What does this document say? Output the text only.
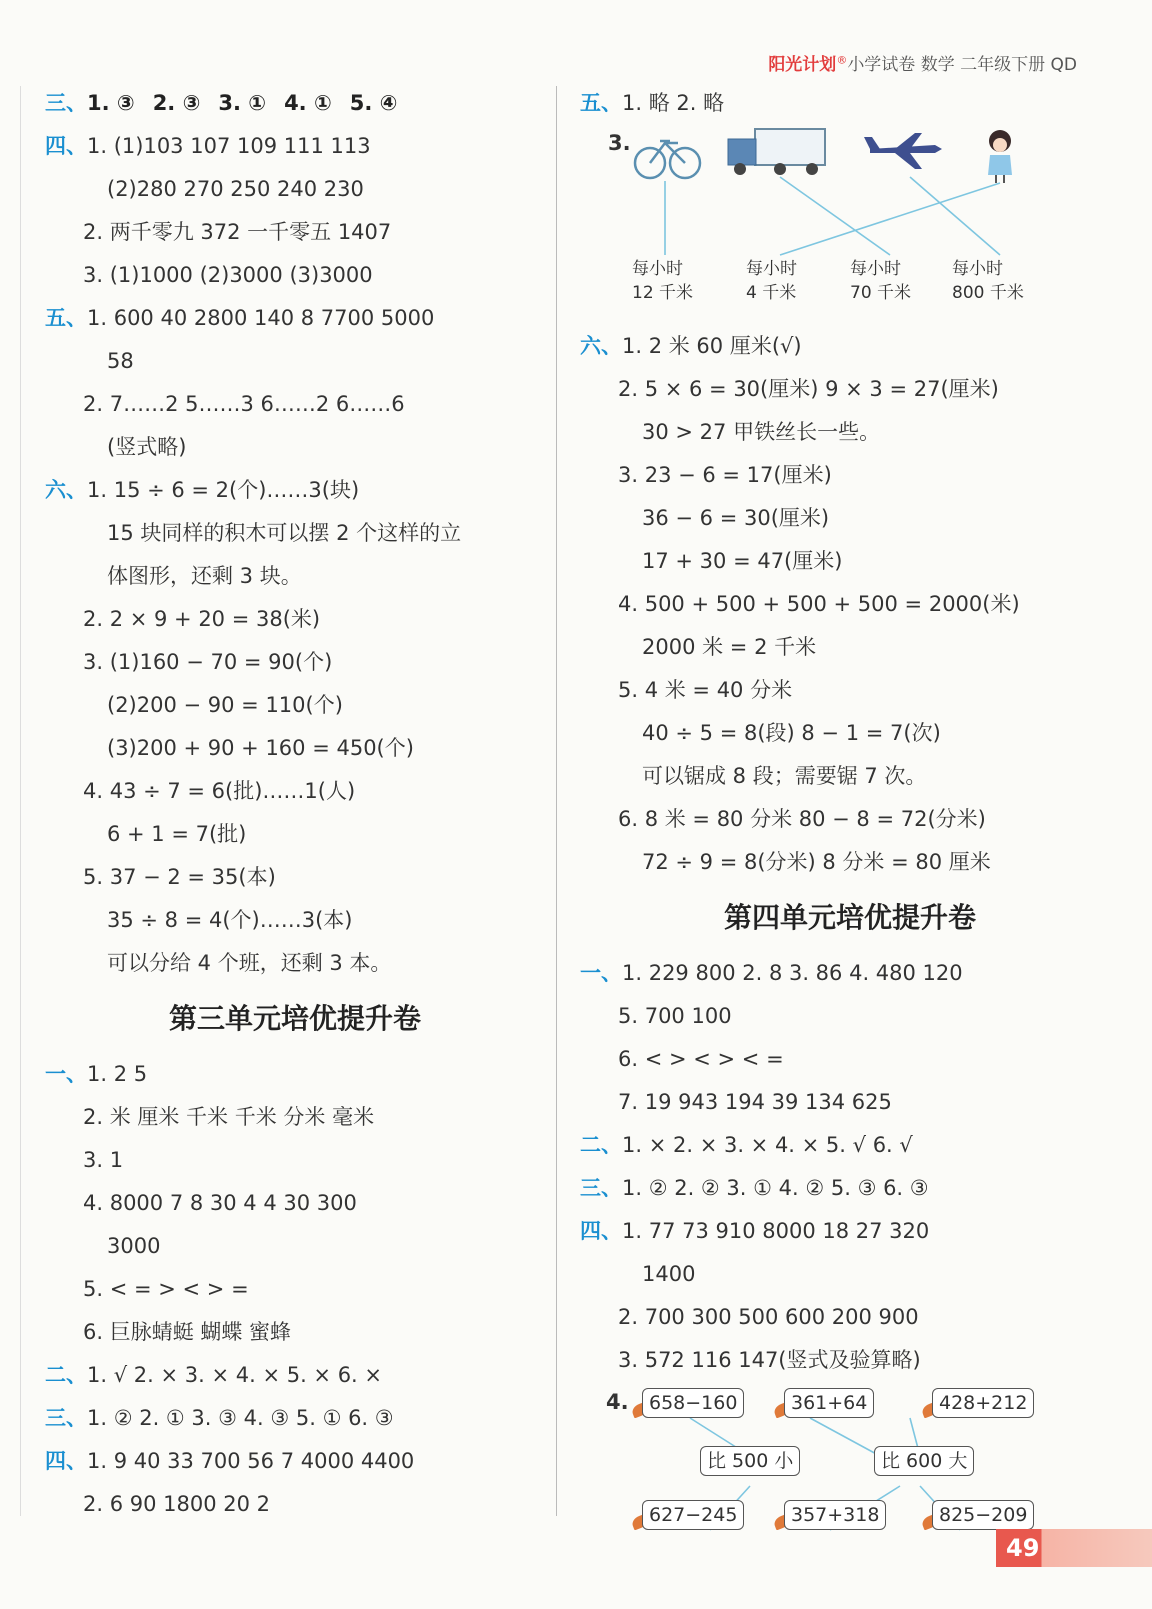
阳光计划®小学试卷 数学 二年级下册 QD
三、1. ③ 2. ③ 3. ① 4. ① 5. ④
四、1. (1)103 107 109 111 113
(2)280 270 250 240 230
2. 两千零九 372 一千零五 1407
3. (1)1000 (2)3000 (3)3000
五、1. 600 40 2800 140 8 7700 5000
58
2. 7……2 5……3 6……2 6……6
(竖式略)
六、1. 15 ÷ 6 = 2(个)……3(块)
15 块同样的积木可以摆 2 个这样的立
体图形，还剩 3 块。
2. 2 × 9 + 20 = 38(米)
3. (1)160 − 70 = 90(个)
(2)200 − 90 = 110(个)
(3)200 + 90 + 160 = 450(个)
4. 43 ÷ 7 = 6(批)……1(人)
6 + 1 = 7(批)
5. 37 − 2 = 35(本)
35 ÷ 8 = 4(个)……3(本)
可以分给 4 个班，还剩 3 本。
第三单元培优提升卷
一、1. 2 5
2. 米 厘米 千米 千米 分米 毫米
3. 1
4. 8000 7 8 30 4 4 30 300
3000
5. < = > < > =
6. 巨脉蜻蜓 蝴蝶 蜜蜂
二、1. √ 2. × 3. × 4. × 5. × 6. ×
三、1. ② 2. ① 3. ③ 4. ③ 5. ① 6. ③
四、1. 9 40 33 700 56 7 4000 4400
2. 6 90 1800 20 2
五、1. 略 2. 略
3.
每小时
12 千米
每小时
4 千米
每小时
70 千米
每小时
800 千米
六、1. 2 米 60 厘米(√)
2. 5 × 6 = 30(厘米) 9 × 3 = 27(厘米)
30 > 27 甲铁丝长一些。
3. 23 − 6 = 17(厘米)
36 − 6 = 30(厘米)
17 + 30 = 47(厘米)
4. 500 + 500 + 500 + 500 = 2000(米)
2000 米 = 2 千米
5. 4 米 = 40 分米
40 ÷ 5 = 8(段) 8 − 1 = 7(次)
可以锯成 8 段；需要锯 7 次。
6. 8 米 = 80 分米 80 − 8 = 72(分米)
72 ÷ 9 = 8(分米) 8 分米 = 80 厘米
第四单元培优提升卷
一、1. 229 800 2. 8 3. 86 4. 480 120
5. 700 100
6. < > < > < =
7. 19 943 194 39 134 625
二、1. × 2. × 3. × 4. × 5. √ 6. √
三、1. ② 2. ② 3. ① 4. ② 5. ③ 6. ③
四、1. 77 73 910 8000 18 27 320
1400
2. 700 300 500 600 200 900
3. 572 116 147(竖式及验算略)
4.	658−160	361+64	428+212
比 500 小	比 600 大
627−245	357+318	825−209
49
